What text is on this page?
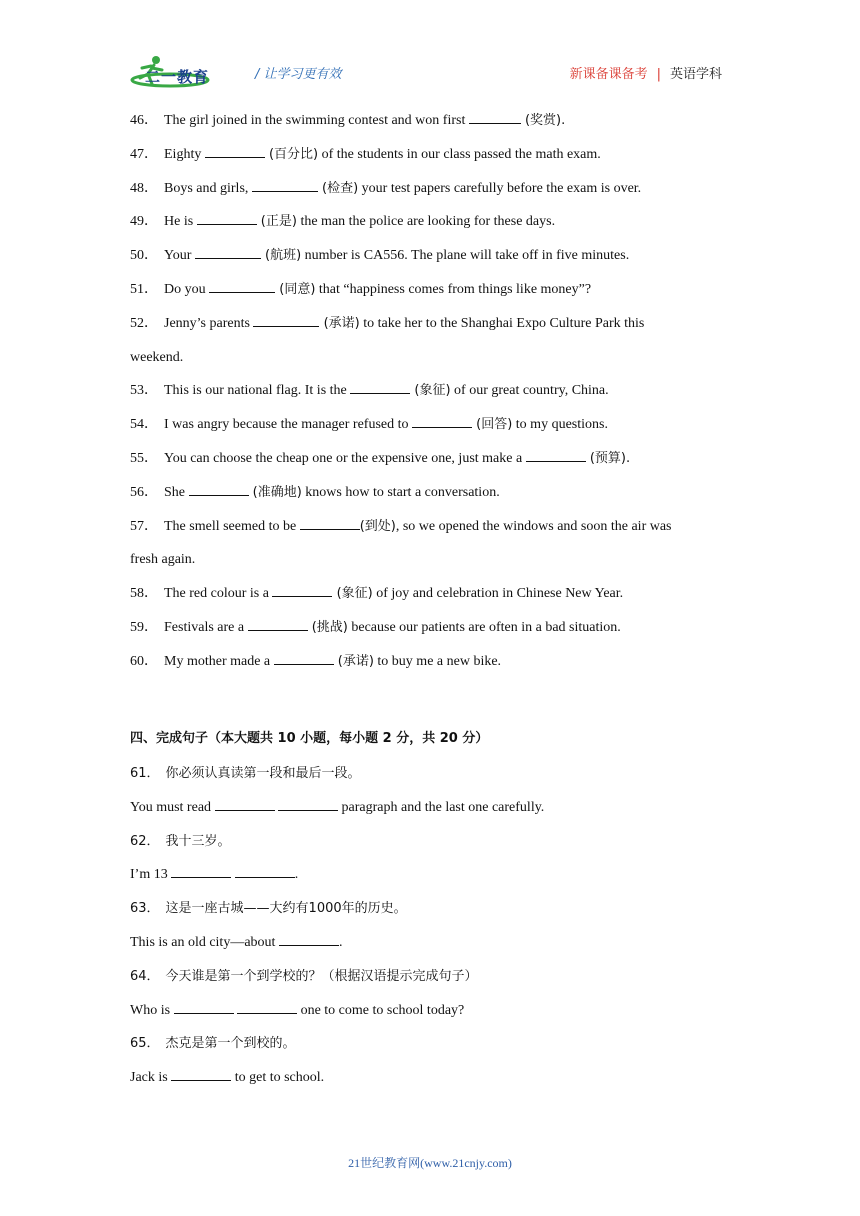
二一教育	/ 让学习更有效	新课备课备考 | 英语学科
46． The girl joined in the swimming contest and won first	(奖赏).
47． Eighty	(百分比) of the students in our class passed the math exam.
48． Boys and girls,	(检查) your test papers carefully before the exam is over.
49． He is	(正是) the man the police are looking for these days.
50． Your	(航班) number is CA556. The plane will take off in five minutes.
51． Do you	(同意) that “happiness comes from things like money”?
52． Jenny’s parents	(承诺) to take her to the Shanghai Expo Culture Park this
weekend.
53． This is our national flag. It is the	(象征) of our great country, China.
54． I was angry because the manager refused to	(回答) to my questions.
55． You can choose the cheap one or the expensive one, just make a	(预算).
56． She	(准确地) knows how to start a conversation.
57． The smell seemed to be	(到处), so we opened the windows and soon the air was
fresh again.
58． The red colour is a	(象征) of joy and celebration in Chinese New Year.
59． Festivals are a	(挑战) because our patients are often in a bad situation.
60． My mother made a	(承诺) to buy me a new bike.
四、完成句子（本大题共 10 小题，每小题 2 分，共 20 分）
61． 你必须认真读第一段和最后一段。
You must read	paragraph and the last one carefully.
62． 我十三岁。
I’m 13	.
63． 这是一座古城——大约有1000年的历史。
This is an old city—about	.
64． 今天谁是第一个到学校的？（根据汉语提示完成句子）
Who is	one to come to school today?
65． 杰克是第一个到校的。
Jack is	to get to school.
21世纪教育网(www.21cnjy.com)
